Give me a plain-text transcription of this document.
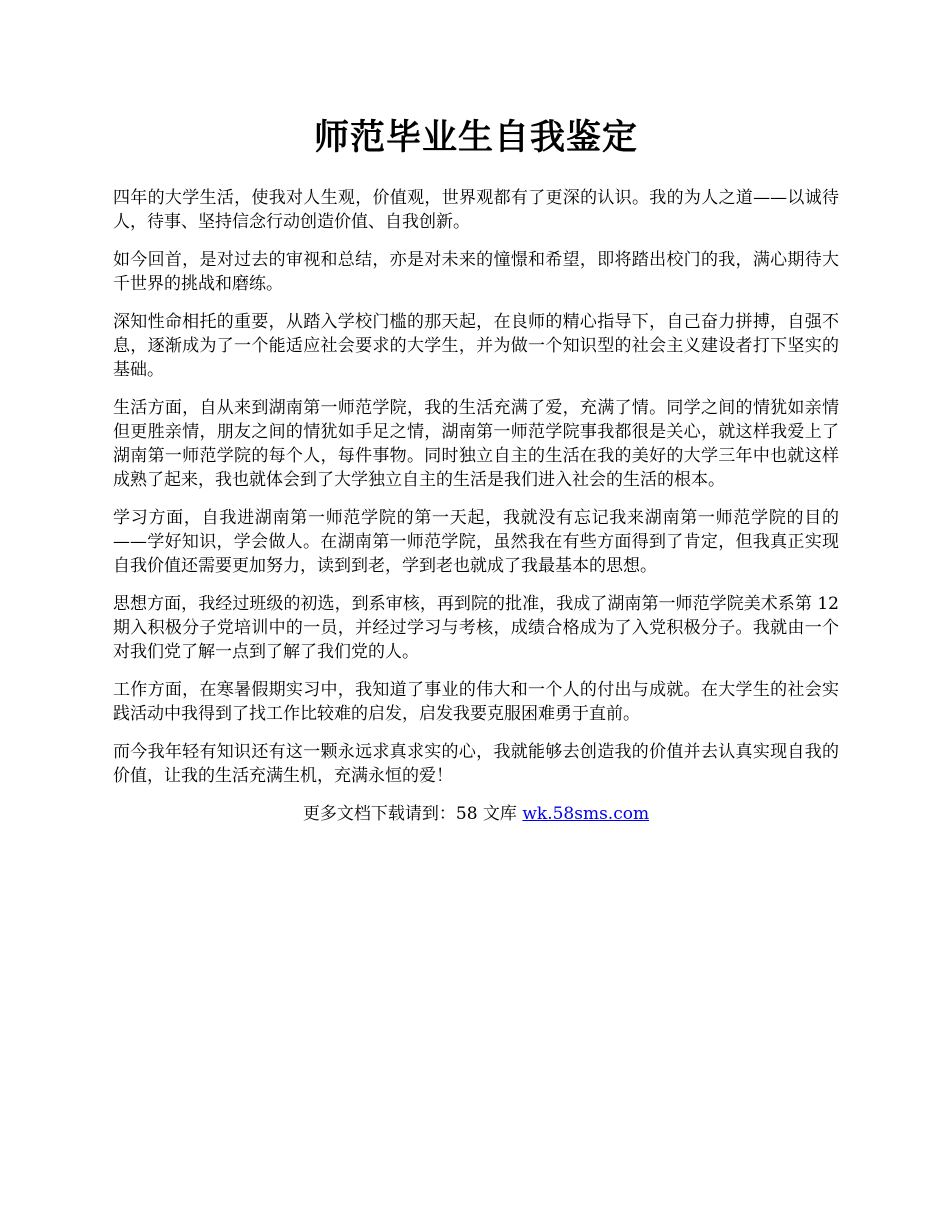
师范毕业生自我鉴定

四年的大学生活，使我对人生观，价值观，世界观都有了更深的认识。我的为人之道——以诚待人，待事、坚持信念行动创造价值、自我创新。

如今回首，是对过去的审视和总结，亦是对未来的憧憬和希望，即将踏出校门的我，满心期待大千世界的挑战和磨练。

深知性命相托的重要，从踏入学校门槛的那天起，在良师的精心指导下，自己奋力拼搏，自强不息，逐渐成为了一个能适应社会要求的大学生，并为做一个知识型的社会主义建设者打下坚实的基础。

生活方面，自从来到湖南第一师范学院，我的生活充满了爱，充满了情。同学之间的情犹如亲情但更胜亲情，朋友之间的情犹如手足之情，湖南第一师范学院事我都很是关心，就这样我爱上了湖南第一师范学院的每个人，每件事物。同时独立自主的生活在我的美好的大学三年中也就这样成熟了起来，我也就体会到了大学独立自主的生活是我们进入社会的生活的根本。

学习方面，自我进湖南第一师范学院的第一天起，我就没有忘记我来湖南第一师范学院的目的——学好知识，学会做人。在湖南第一师范学院，虽然我在有些方面得到了肯定，但我真正实现自我价值还需要更加努力，读到到老，学到老也就成了我最基本的思想。

思想方面，我经过班级的初选，到系审核，再到院的批准，我成了湖南第一师范学院美术系第 12 期入积极分子党培训中的一员，并经过学习与考核，成绩合格成为了入党积极分子。我就由一个对我们党了解一点到了解了我们党的人。

工作方面，在寒暑假期实习中，我知道了事业的伟大和一个人的付出与成就。在大学生的社会实践活动中我得到了找工作比较难的启发，启发我要克服困难勇于直前。

而今我年轻有知识还有这一颗永远求真求实的心，我就能够去创造我的价值并去认真实现自我的价值，让我的生活充满生机，充满永恒的爱！

更多文档下载请到：58 文库 wk.58sms.com
